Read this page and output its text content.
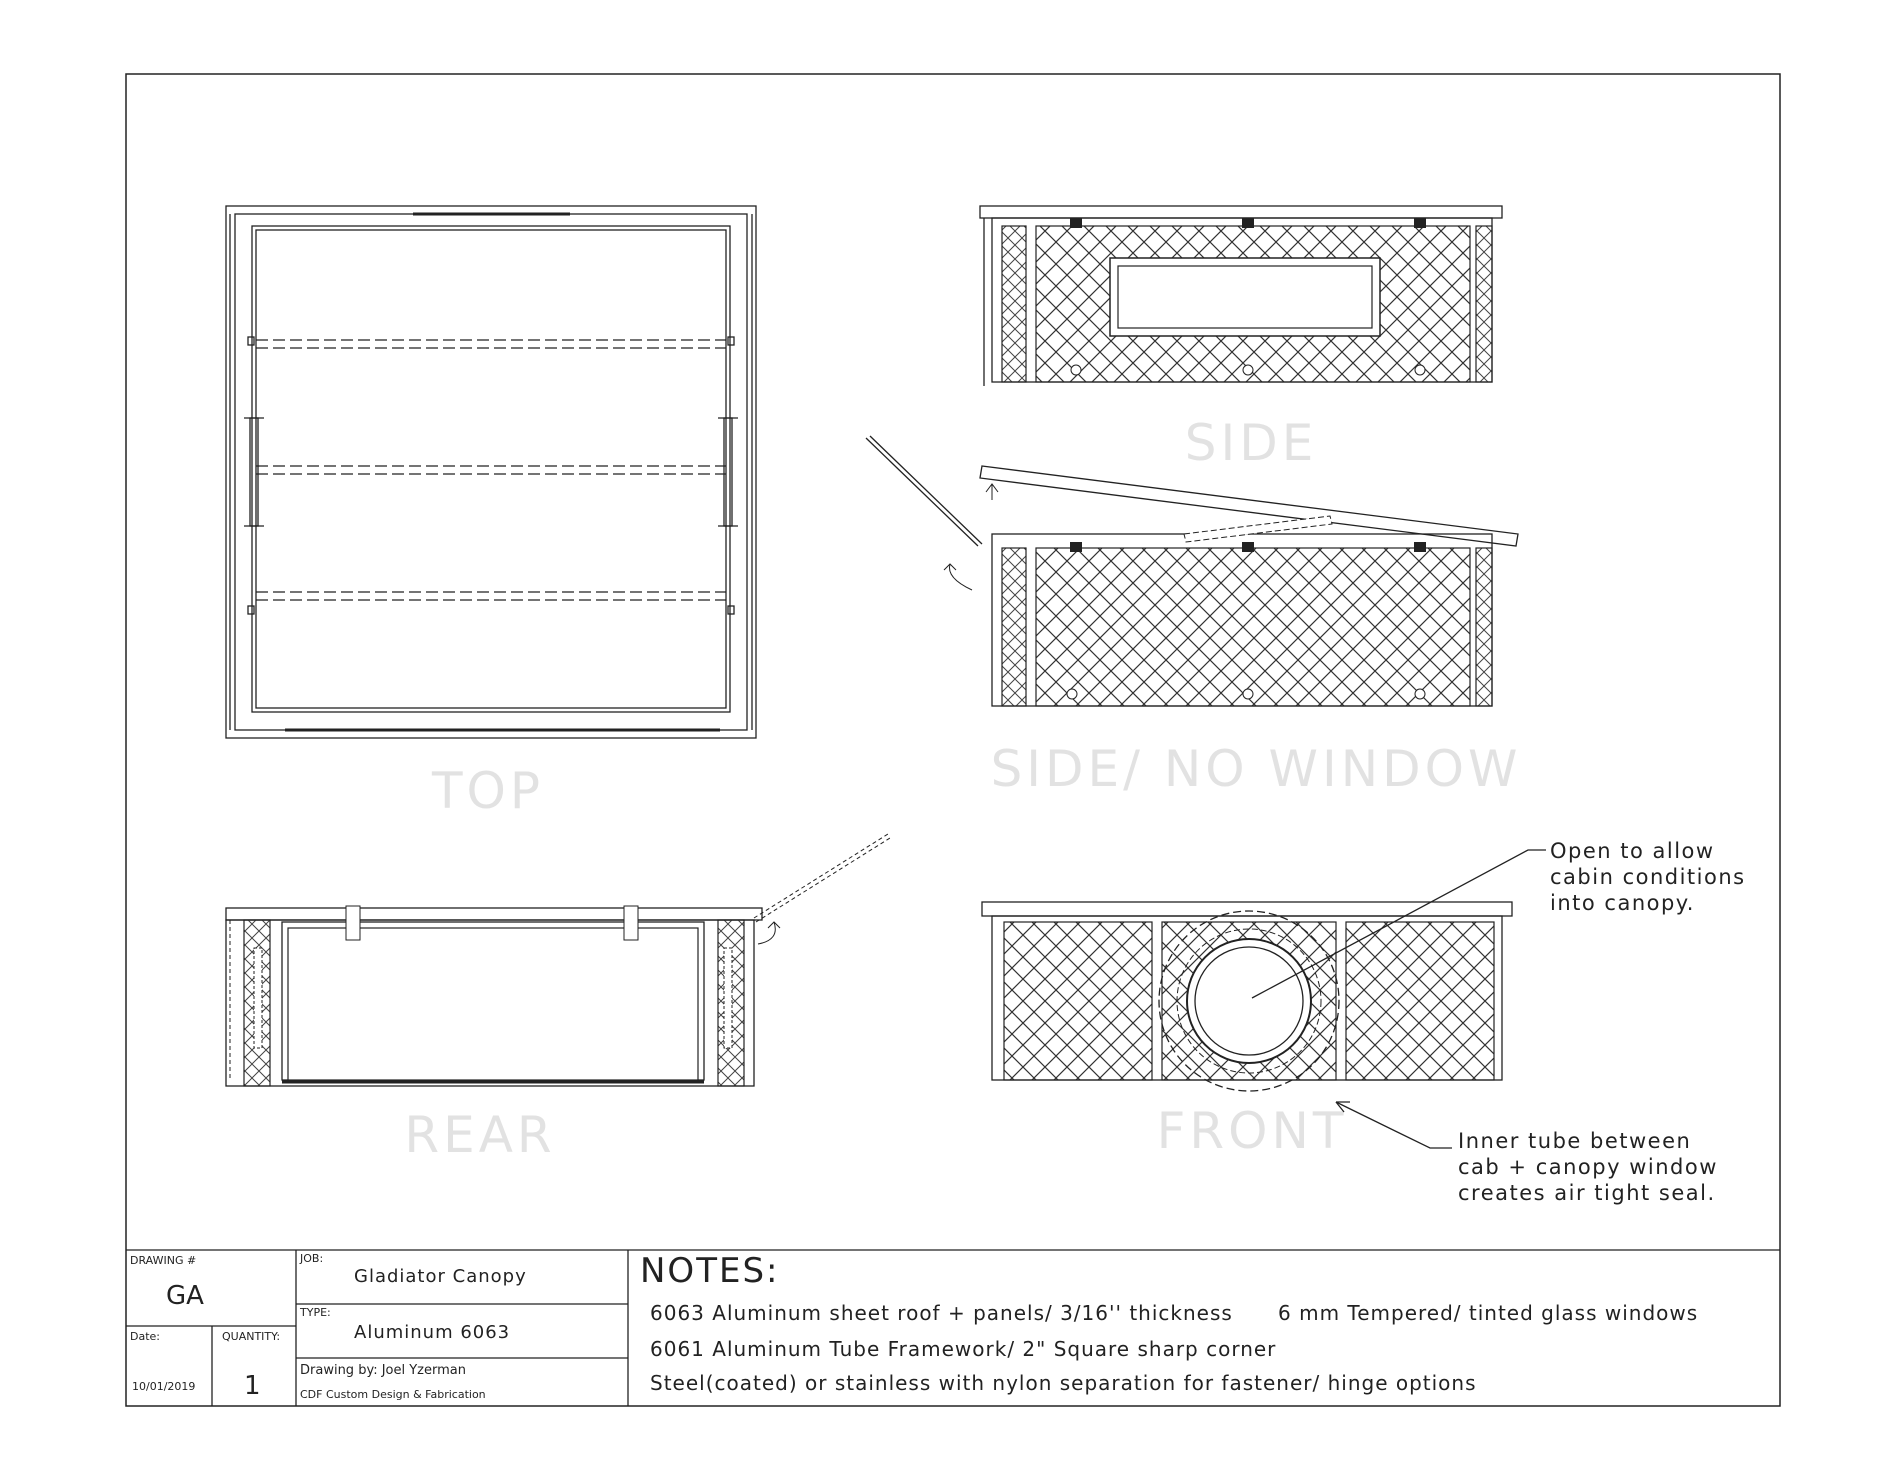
TOP
SIDE
SIDE/ NO WINDOW
REAR	FRONT
Open to allow
cabin conditions
into canopy.
Inner tube between
cab + canopy window
creates air tight seal.
DRAWING #
GA
Date:
10/01/2019
QUANTITY:
1
JOB:
Gladiator Canopy
TYPE:
Aluminum 6063
Drawing by: Joel Yzerman
CDF Custom Design & Fabrication
NOTES:
6063 Aluminum sheet roof + panels/ 3/16'' thickness 6 mm Tempered/ tinted glass windows
6061 Aluminum Tube Framework/ 2" Square sharp corner
Steel(coated) or stainless with nylon separation for fastener/ hinge options
